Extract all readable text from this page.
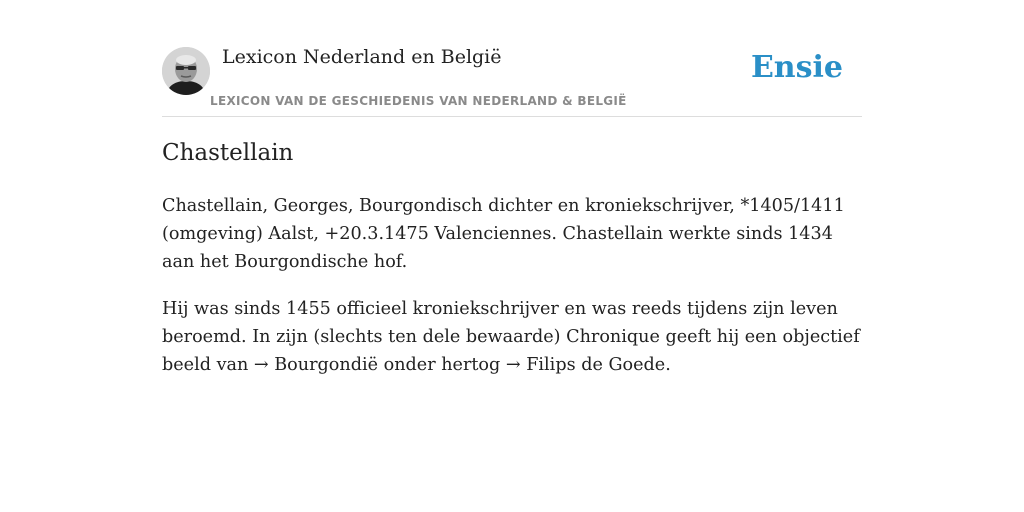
Lexicon Nederland en België
LEXICON VAN DE GESCHIEDENIS VAN NEDERLAND & BELGIË
Ensie
Chastellain

Chastellain, Georges, Bourgondisch dichter en kroniekschrijver, *1405/1411 (omgeving) Aalst, +20.3.1475 Valenciennes. Chastellain werkte sinds 1434 aan het Bourgondische hof.

Hij was sinds 1455 officieel kroniekschrijver en was reeds tijdens zijn leven beroemd. In zijn (slechts ten dele bewaarde) Chronique geeft hij een objectief beeld van → Bourgondië onder hertog → Filips de Goede.
